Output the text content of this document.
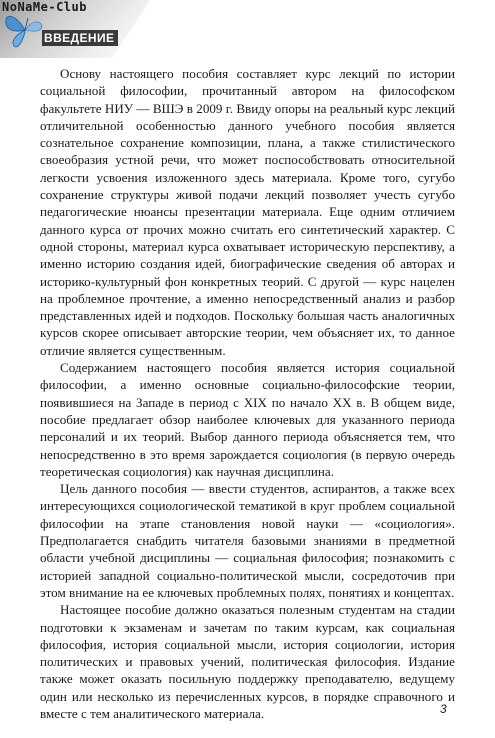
NoNaMe-Club
ВВЕДЕНИЕ

Основу настоящего пособия составляет курс лекций по истории социальной философии, прочитанный автором на философском факультете НИУ — ВШЭ в 2009 г. Ввиду опоры на реальный курс лекций отличительной особенностью данного учебного пособия является сознательное сохранение композиции, плана, а также стилистического своеобразия устной речи, что может поспособствовать относительной легкости усвоения изложенного здесь материала. Кроме того, сугубо сохранение структуры живой подачи лекций позволяет учесть сугубо педагогические нюансы презентации материала. Еще одним отличием данного курса от прочих можно считать его синтетический характер. С одной стороны, материал курса охватывает историческую перспективу, а именно историю создания идей, биографические сведения об авторах и историко-культурный фон конкретных теорий. С другой — курс нацелен на проблемное прочтение, а именно непосредственный анализ и разбор представленных идей и подходов. Поскольку большая часть аналогичных курсов скорее описывает авторские теории, чем объясняет их, то данное отличие является существенным.

Содержанием настоящего пособия является история социальной философии, а именно основные социально-философские теории, появившиеся на Западе в период с XIX по начало XX в. В общем виде, пособие предлагает обзор наиболее ключевых для указанного периода персоналий и их теорий. Выбор данного периода объясняется тем, что непосредственно в это время зарождается социология (в первую очередь теоретическая социология) как научная дисциплина.

Цель данного пособия — ввести студентов, аспирантов, а также всех интересующихся социологической тематикой в круг проблем социальной философии на этапе становления новой науки — «социология». Предполагается снабдить читателя базовыми знаниями в предметной области учебной дисциплины — социальная философия; познакомить с историей западной социально-политической мысли, сосредоточив при этом внимание на ее ключевых проблемных полях, понятиях и концептах.

Настоящее пособие должно оказаться полезным студентам на стадии подготовки к экзаменам и зачетам по таким курсам, как социальная философия, история социальной мысли, история социологии, история политических и правовых учений, политическая философия. Издание также может оказать посильную поддержку преподавателю, ведущему один или несколько из перечисленных курсов, в порядке справочного и вместе с тем аналитического материала.	3
